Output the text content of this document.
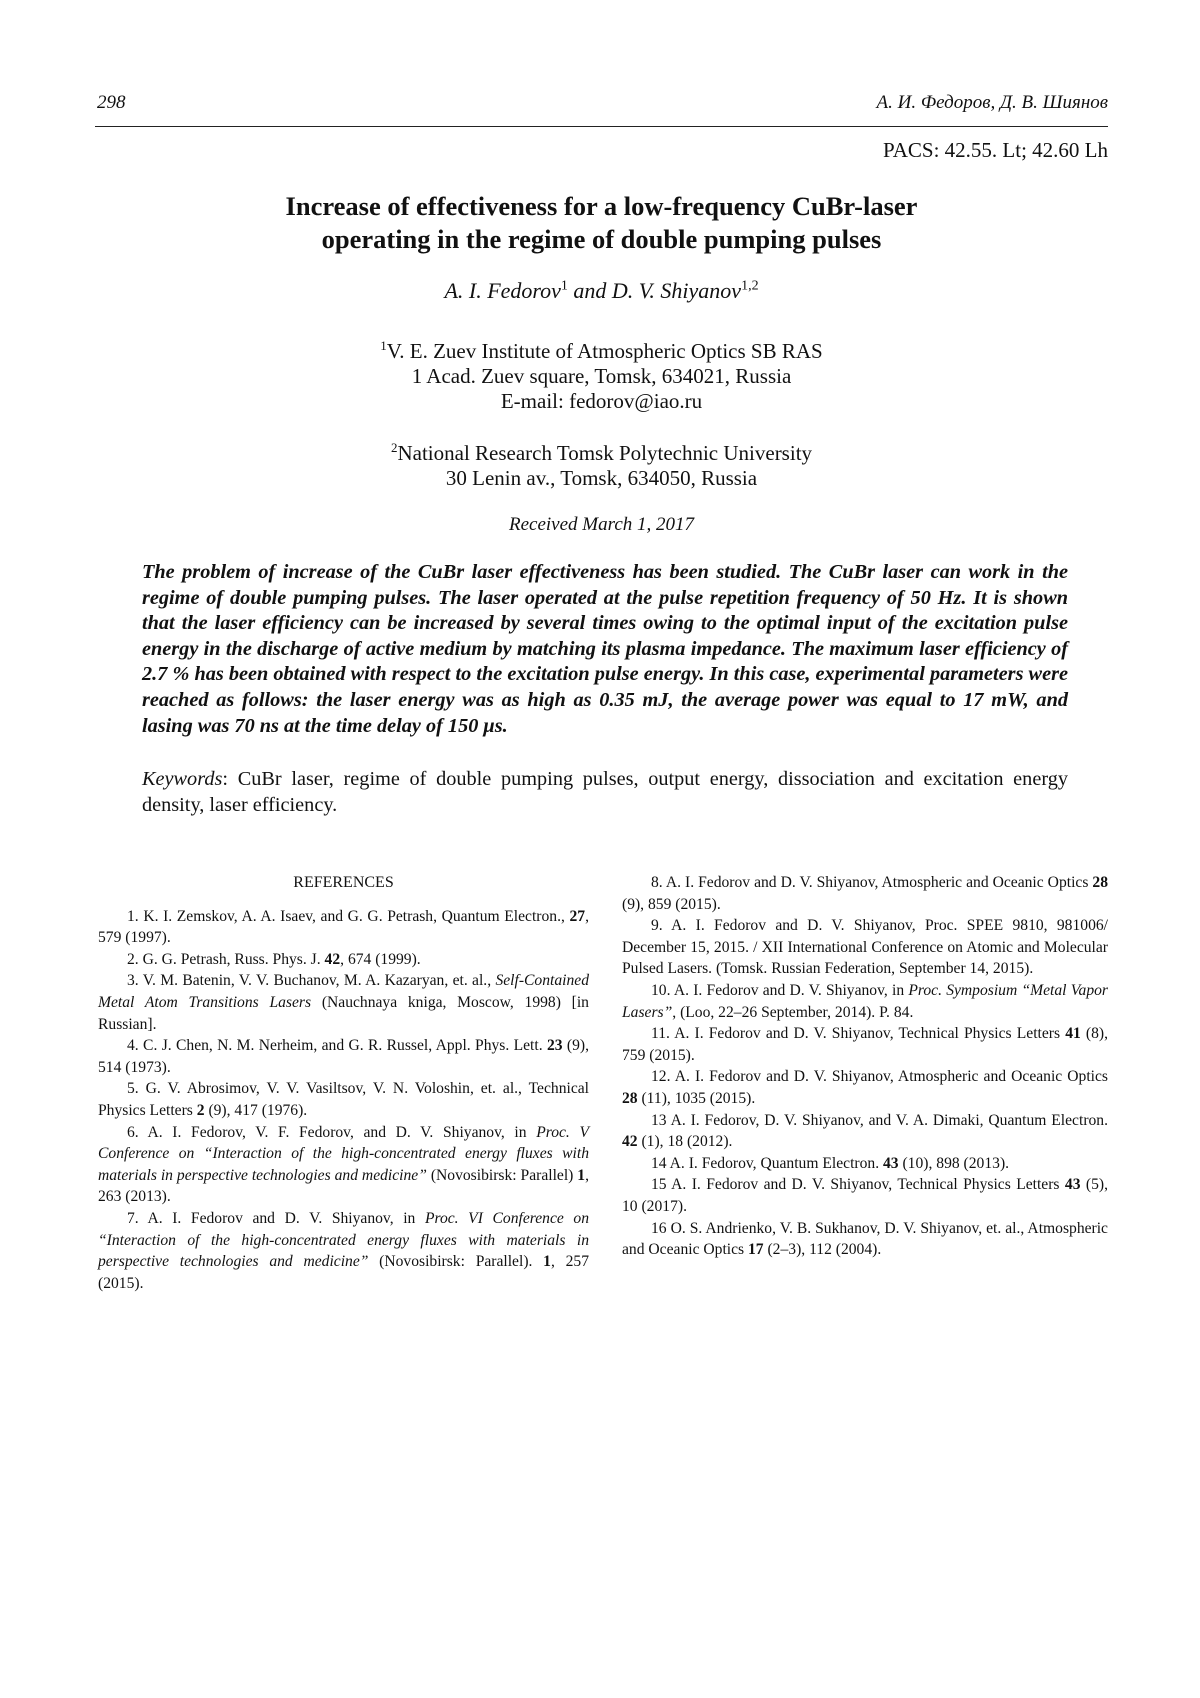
298	А. И. Федоров, Д. В. Шиянов
PACS: 42.55. Lt; 42.60 Lh
Increase of effectiveness for a low-frequency CuBr-laser
operating in the regime of double pumping pulses
A. I. Fedorov$^1$ and D. V. Shiyanov$^{1,2}$
$^1$V. E. Zuev Institute of Atmospheric Optics SB RAS
1 Acad. Zuev square, Tomsk, 634021, Russia
E-mail: fedorov@iao.ru
$^2$National Research Tomsk Polytechnic University
30 Lenin av., Tomsk, 634050, Russia
Received March 1, 2017
The problem of increase of the CuBr laser effectiveness has been studied. The CuBr laser can work in the regime of double pumping pulses. The laser operated at the pulse repetition frequency of 50 Hz. It is shown that the laser efficiency can be increased by several times owing to the optimal input of the excitation pulse energy in the discharge of active medium by matching its plasma impedance. The maximum laser efficiency of 2.7 % has been obtained with respect to the excitation pulse energy. In this case, experimental parameters were reached as follows: the laser energy was as high as 0.35 mJ, the average power was equal to 17 mW, and lasing was 70 ns at the time delay of 150 μs.
Keywords: CuBr laser, regime of double pumping pulses, output energy, dissociation and excitation energy density, laser efficiency.
REFERENCES

1. K. I. Zemskov, A. A. Isaev, and G. G. Petrash, Quantum Electron., 27, 579 (1997).

2. G. G. Petrash, Russ. Phys. J. 42, 674 (1999).

3. V. M. Batenin, V. V. Buchanov, M. A. Kazaryan, et. al., Self-Contained Metal Atom Transitions Lasers (Nauchnaya kniga, Moscow, 1998) [in Russian].

4. C. J. Chen, N. M. Nerheim, and G. R. Russel, Appl. Phys. Lett. 23 (9), 514 (1973).

5. G. V. Abrosimov, V. V. Vasiltsov, V. N. Voloshin, et. al., Technical Physics Letters 2 (9), 417 (1976).

6. A. I. Fedorov, V. F. Fedorov, and D. V. Shiyanov, in Proc. V Conference on “Interaction of the high-concentrated energy fluxes with materials in perspective technologies and medicine” (Novosibirsk: Parallel) 1, 263 (2013).

7. A. I. Fedorov and D. V. Shiyanov, in Proc. VI Conference on “Interaction of the high-concentrated energy fluxes with materials in perspective technologies and medicine” (Novosibirsk: Parallel). 1, 257 (2015).

8. A. I. Fedorov and D. V. Shiyanov, Atmospheric and Oceanic Optics 28 (9), 859 (2015).

9. A. I. Fedorov and D. V. Shiyanov, Proc. SPEE 9810, 981006/ December 15, 2015. / XII International Conference on Atomic and Molecular Pulsed Lasers. (Tomsk. Russian Federation, September 14, 2015).

10. A. I. Fedorov and D. V. Shiyanov, in Proc. Symposium “Metal Vapor Lasers”, (Loo, 22–26 September, 2014). P. 84.

11. A. I. Fedorov and D. V. Shiyanov, Technical Physics Letters 41 (8), 759 (2015).

12. A. I. Fedorov and D. V. Shiyanov, Atmospheric and Oceanic Optics 28 (11), 1035 (2015).

13 A. I. Fedorov, D. V. Shiyanov, and V. A. Dimaki, Quantum Electron. 42 (1), 18 (2012).

14 A. I. Fedorov, Quantum Electron. 43 (10), 898 (2013).

15 A. I. Fedorov and D. V. Shiyanov, Technical Physics Letters 43 (5), 10 (2017).

16 O. S. Andrienko, V. B. Sukhanov, D. V. Shiyanov, et. al., Atmospheric and Oceanic Optics 17 (2–3), 112 (2004).
